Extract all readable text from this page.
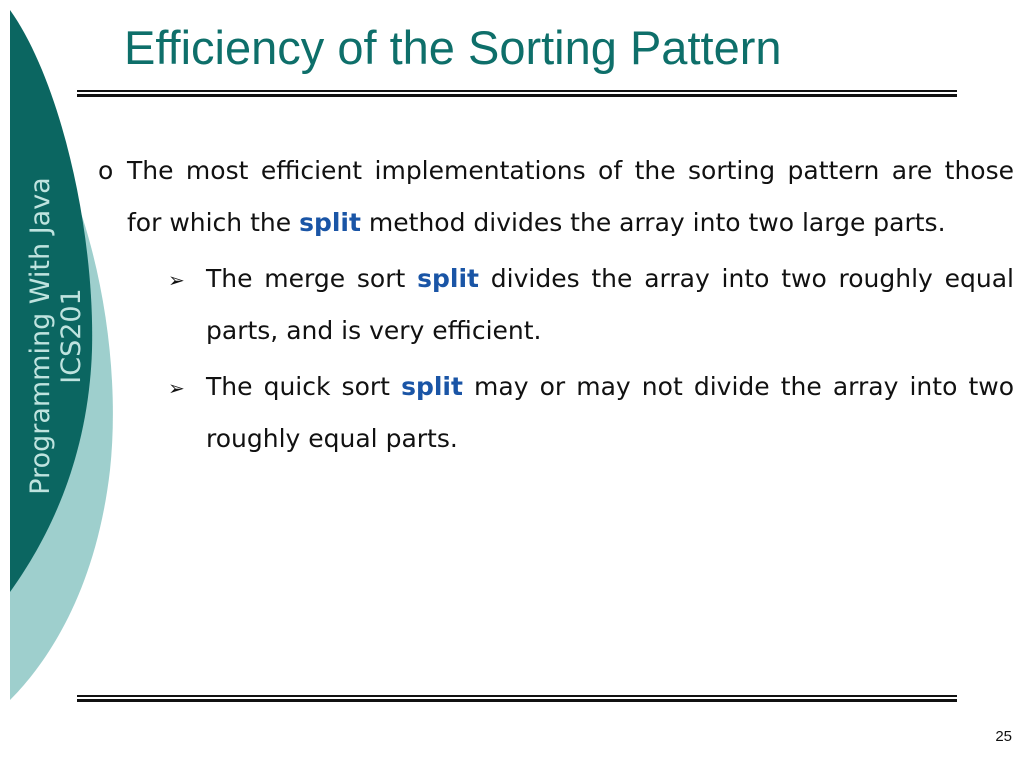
Programming With Java ICS201
Efficiency of the Sorting Pattern
o The most efficient implementations of the sorting pattern are those for which the split method divides the array into two large parts.
➢ The merge sort split divides the array into two roughly equal parts, and is very efficient.
➢ The quick sort split may or may not divide the array into two roughly equal parts.
25
